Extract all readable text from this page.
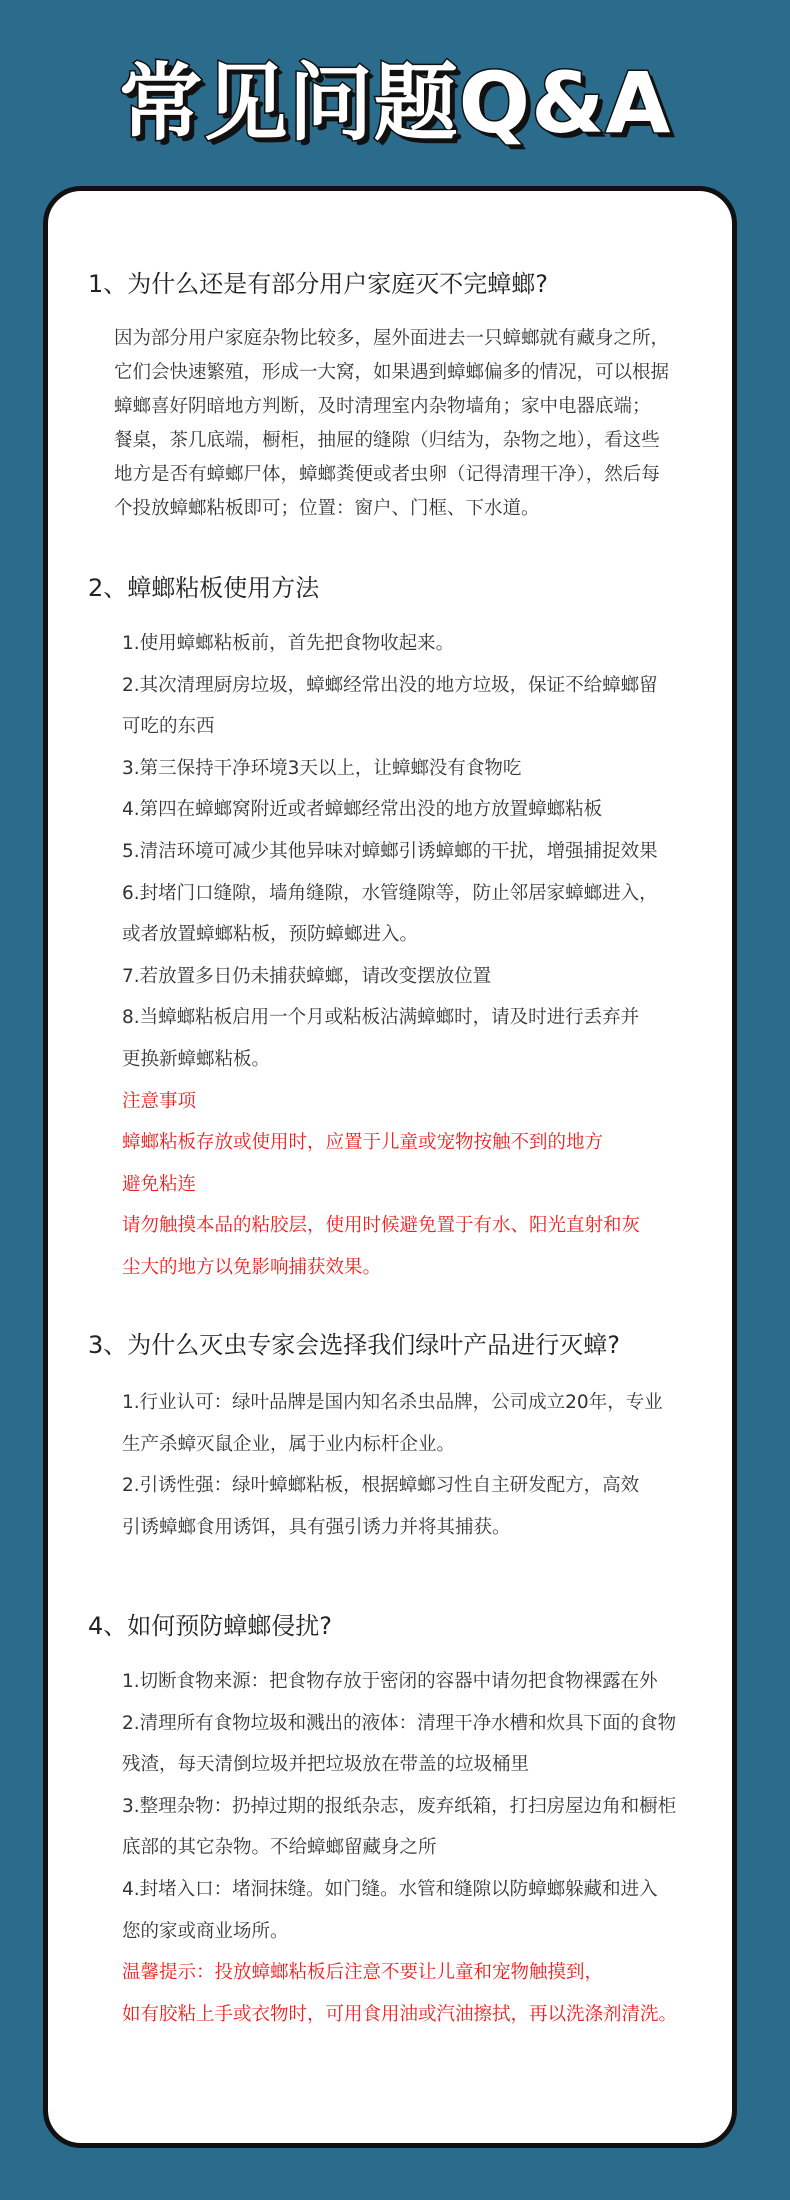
常见问题Q&A
1、为什么还是有部分用户家庭灭不完蟑螂?
因为部分用户家庭杂物比较多，屋外面进去一只蟑螂就有藏身之所，
它们会快速繁殖，形成一大窝，如果遇到蟑螂偏多的情况，可以根据
蟑螂喜好阴暗地方判断，及时清理室内杂物墙角；家中电器底端；
餐桌，茶几底端，橱柜，抽屉的缝隙（归结为，杂物之地），看这些
地方是否有蟑螂尸体，蟑螂粪便或者虫卵（记得清理干净），然后每
个投放蟑螂粘板即可；位置：窗户、门框、下水道。
2、蟑螂粘板使用方法
1.使用蟑螂粘板前，首先把食物收起来。
2.其次清理厨房垃圾，蟑螂经常出没的地方垃圾，保证不给蟑螂留
可吃的东西
3.第三保持干净环境3天以上，让蟑螂没有食物吃
4.第四在蟑螂窝附近或者蟑螂经常出没的地方放置蟑螂粘板
5.清洁环境可减少其他异味对蟑螂引诱蟑螂的干扰，增强捕捉效果
6.封堵门口缝隙，墙角缝隙，水管缝隙等，防止邻居家蟑螂进入，
或者放置蟑螂粘板，预防蟑螂进入。
7.若放置多日仍未捕获蟑螂，请改变摆放位置
8.当蟑螂粘板启用一个月或粘板沾满蟑螂时，请及时进行丢弃并
更换新蟑螂粘板。
注意事项
蟑螂粘板存放或使用时，应置于儿童或宠物按触不到的地方
避免粘连
请勿触摸本品的粘胶层，使用时候避免置于有水、阳光直射和灰
尘大的地方以免影响捕获效果。
3、为什么灭虫专家会选择我们绿叶产品进行灭蟑?
1.行业认可：绿叶品牌是国内知名杀虫品牌，公司成立20年，专业
生产杀蟑灭鼠企业，属于业内标杆企业。
2.引诱性强：绿叶蟑螂粘板，根据蟑螂习性自主研发配方，高效
引诱蟑螂食用诱饵，具有强引诱力并将其捕获。
4、如何预防蟑螂侵扰?
1.切断食物来源：把食物存放于密闭的容器中请勿把食物裸露在外
2.清理所有食物垃圾和溅出的液体：清理干净水槽和炊具下面的食物
残渣，每天清倒垃圾并把垃圾放在带盖的垃圾桶里
3.整理杂物：扔掉过期的报纸杂志，废弃纸箱，打扫房屋边角和橱柜
底部的其它杂物。不给蟑螂留藏身之所
4.封堵入口：堵洞抹缝。如门缝。水管和缝隙以防蟑螂躲藏和进入
您的家或商业场所。
温馨提示：投放蟑螂粘板后注意不要让儿童和宠物触摸到，
如有胶粘上手或衣物时，可用食用油或汽油擦拭，再以洗涤剂清洗。
